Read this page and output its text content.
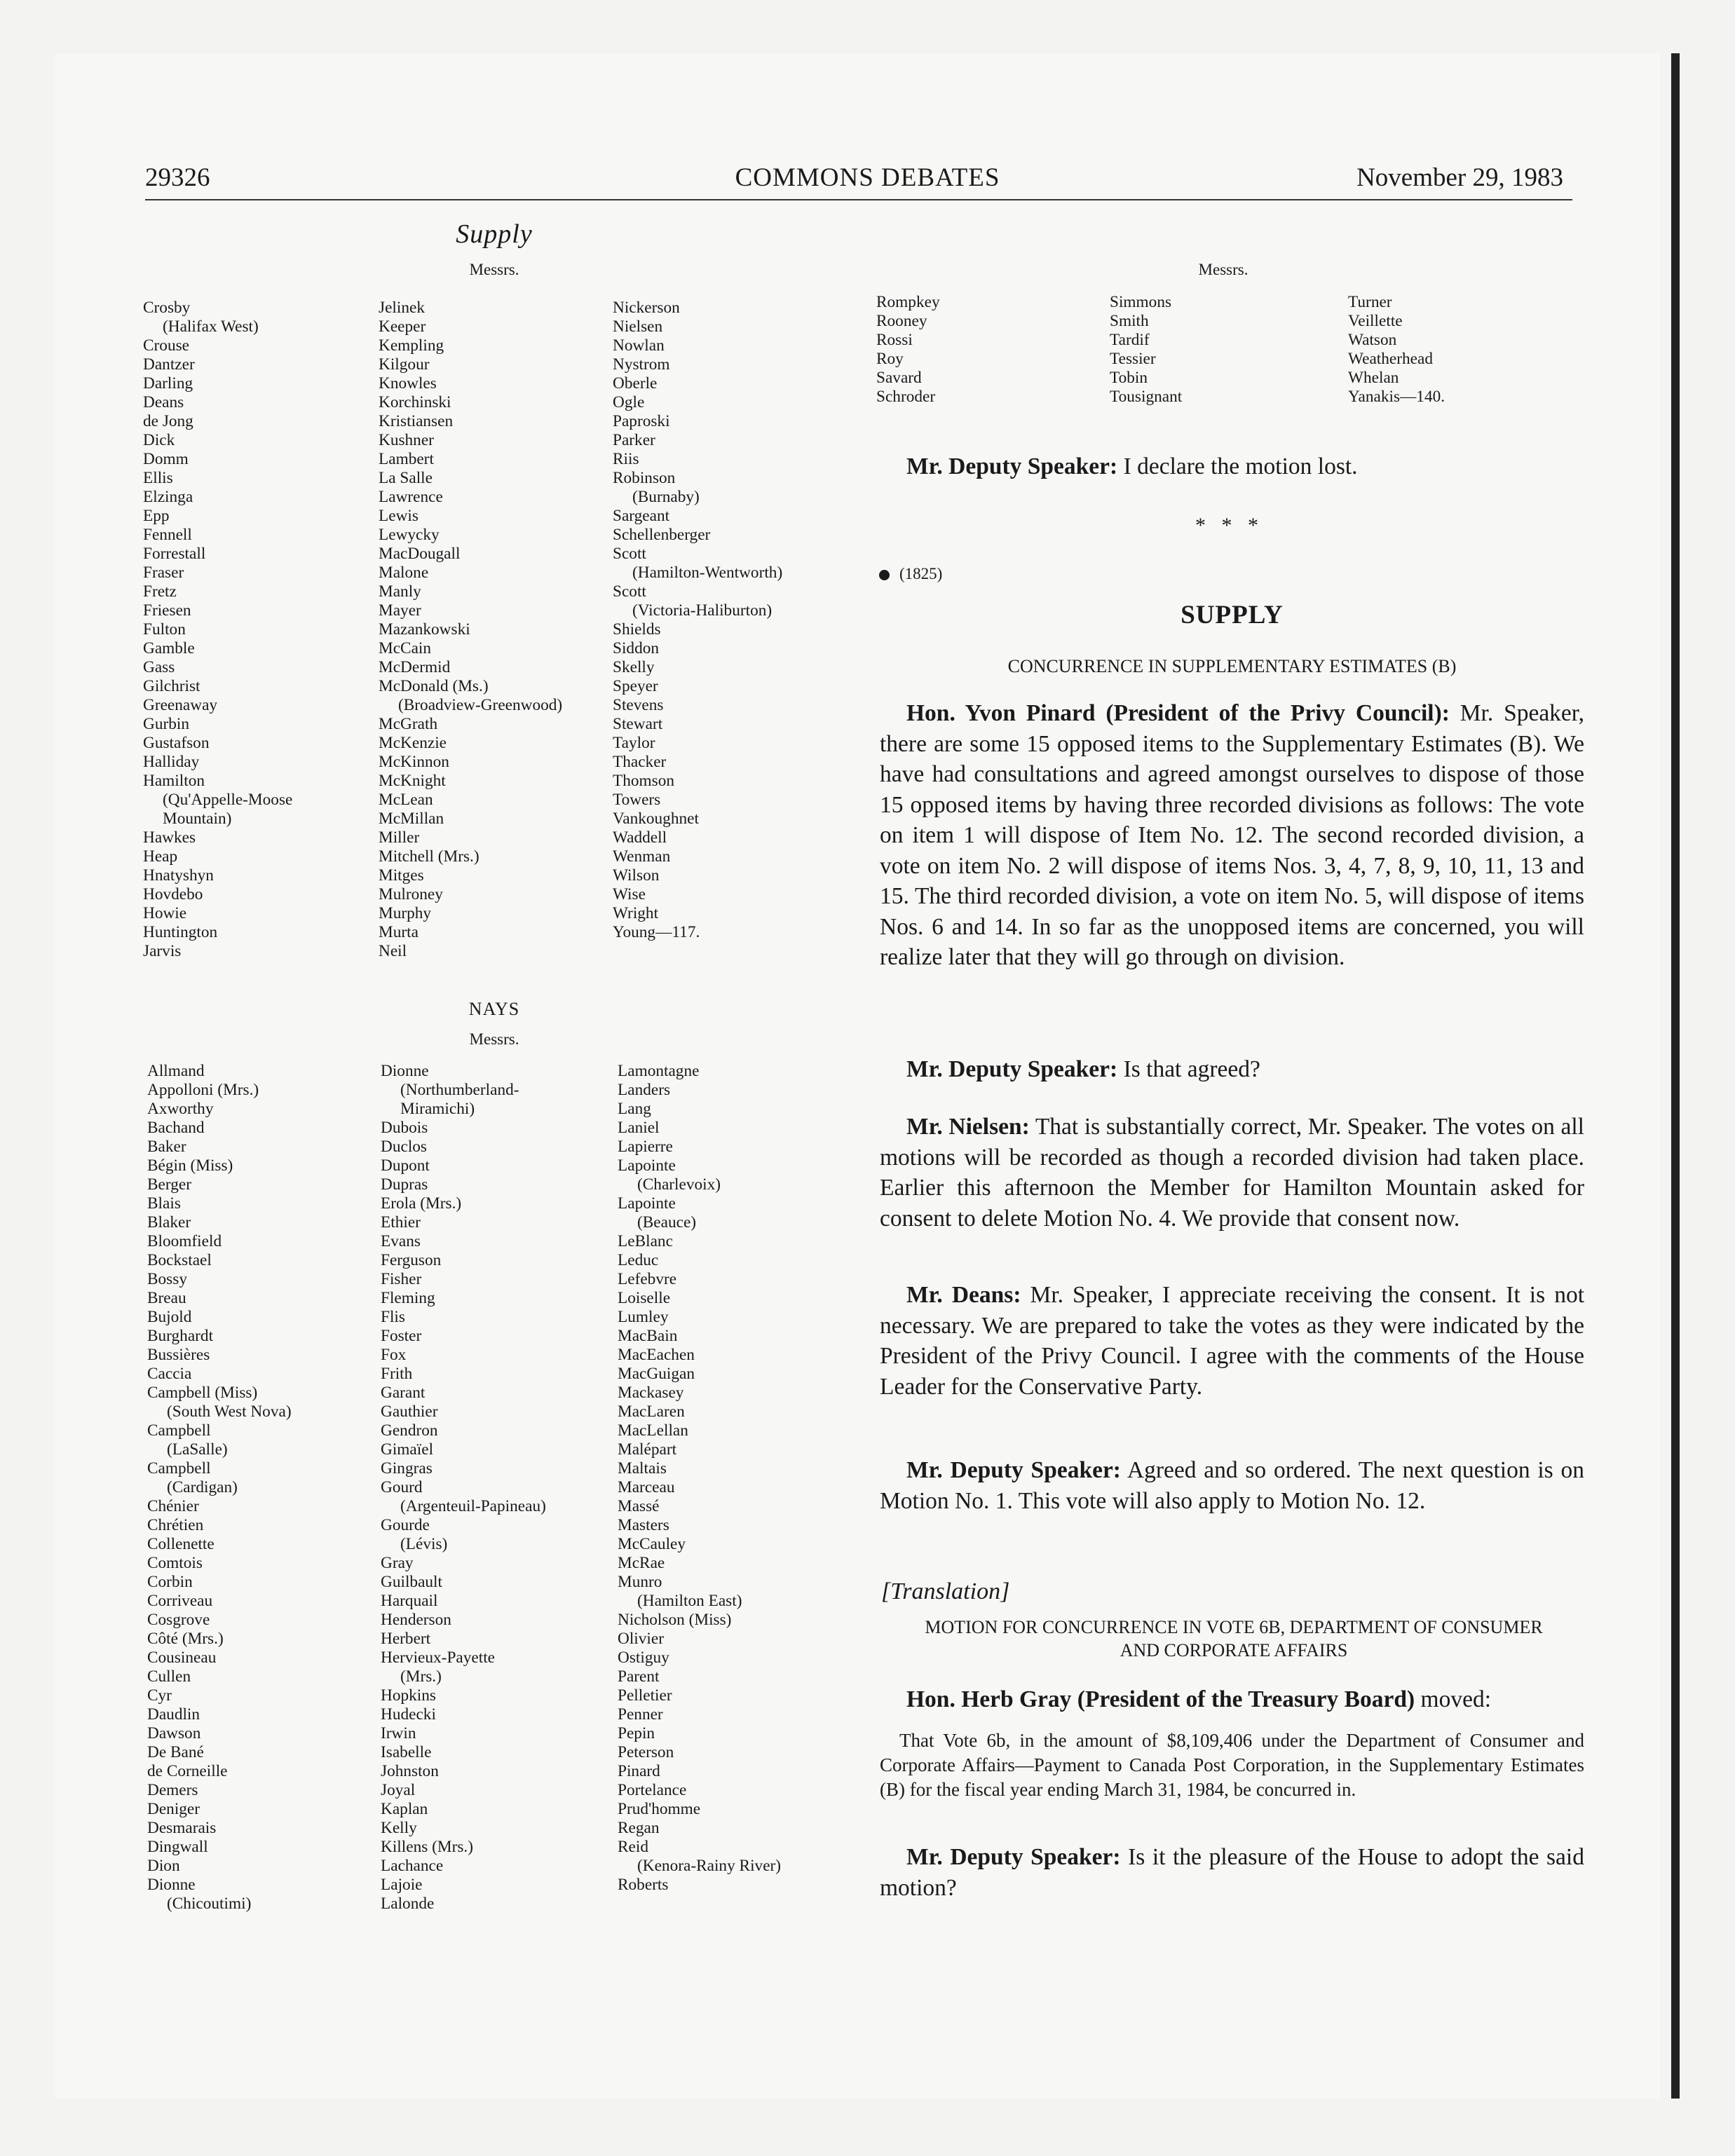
29326	COMMONS DEBATES	November 29, 1983
Supply
Messrs.
Crosby
(Halifax West)
Crouse
Dantzer
Darling
Deans
de Jong
Dick
Domm
Ellis
Elzinga
Epp
Fennell
Forrestall
Fraser
Fretz
Friesen
Fulton
Gamble
Gass
Gilchrist
Greenaway
Gurbin
Gustafson
Halliday
Hamilton
(Qu'Appelle-Moose
Mountain)
Hawkes
Heap
Hnatyshyn
Hovdebo
Howie
Huntington
Jarvis
Jelinek
Keeper
Kempling
Kilgour
Knowles
Korchinski
Kristiansen
Kushner
Lambert
La Salle
Lawrence
Lewis
Lewycky
MacDougall
Malone
Manly
Mayer
Mazankowski
McCain
McDermid
McDonald (Ms.)
(Broadview-Greenwood)
McGrath
McKenzie
McKinnon
McKnight
McLean
McMillan
Miller
Mitchell (Mrs.)
Mitges
Mulroney
Murphy
Murta
Neil
Nickerson
Nielsen
Nowlan
Nystrom
Oberle
Ogle
Paproski
Parker
Riis
Robinson
(Burnaby)
Sargeant
Schellenberger
Scott
(Hamilton-Wentworth)
Scott
(Victoria-Haliburton)
Shields
Siddon
Skelly
Speyer
Stevens
Stewart
Taylor
Thacker
Thomson
Towers
Vankoughnet
Waddell
Wenman
Wilson
Wise
Wright
Young—117.
NAYS
Messrs.
Allmand
Appolloni (Mrs.)
Axworthy
Bachand
Baker
Bégin (Miss)
Berger
Blais
Blaker
Bloomfield
Bockstael
Bossy
Breau
Bujold
Burghardt
Bussières
Caccia
Campbell (Miss)
(South West Nova)
Campbell
(LaSalle)
Campbell
(Cardigan)
Chénier
Chrétien
Collenette
Comtois
Corbin
Corriveau
Cosgrove
Côté (Mrs.)
Cousineau
Cullen
Cyr
Daudlin
Dawson
De Bané
de Corneille
Demers
Deniger
Desmarais
Dingwall
Dion
Dionne
(Chicoutimi)
Dionne
(Northumberland-
Miramichi)
Dubois
Duclos
Dupont
Dupras
Erola (Mrs.)
Ethier
Evans
Ferguson
Fisher
Fleming
Flis
Foster
Fox
Frith
Garant
Gauthier
Gendron
Gimaïel
Gingras
Gourd
(Argenteuil-Papineau)
Gourde
(Lévis)
Gray
Guilbault
Harquail
Henderson
Herbert
Hervieux-Payette
(Mrs.)
Hopkins
Hudecki
Irwin
Isabelle
Johnston
Joyal
Kaplan
Kelly
Killens (Mrs.)
Lachance
Lajoie
Lalonde
Lamontagne
Landers
Lang
Laniel
Lapierre
Lapointe
(Charlevoix)
Lapointe
(Beauce)
LeBlanc
Leduc
Lefebvre
Loiselle
Lumley
MacBain
MacEachen
MacGuigan
Mackasey
MacLaren
MacLellan
Malépart
Maltais
Marceau
Massé
Masters
McCauley
McRae
Munro
(Hamilton East)
Nicholson (Miss)
Olivier
Ostiguy
Parent
Pelletier
Penner
Pepin
Peterson
Pinard
Portelance
Prud'homme
Regan
Reid
(Kenora-Rainy River)
Roberts
Messrs.
Rompkey
Rooney
Rossi
Roy
Savard
Schroder
Simmons
Smith
Tardif
Tessier
Tobin
Tousignant
Turner
Veillette
Watson
Weatherhead
Whelan
Yanakis—140.

Mr. Deputy Speaker: I declare the motion lost.

*   *   *
(1825)
SUPPLY
CONCURRENCE IN SUPPLEMENTARY ESTIMATES (B)

Hon. Yvon Pinard (President of the Privy Council): Mr. Speaker, there are some 15 opposed items to the Supplementary Estimates (B). We have had consultations and agreed amongst ourselves to dispose of those 15 opposed items by having three recorded divisions as follows: The vote on item 1 will dispose of Item No. 12. The second recorded division, a vote on item No. 2 will dispose of items Nos. 3, 4, 7, 8, 9, 10, 11, 13 and 15. The third recorded division, a vote on item No. 5, will dispose of items Nos. 6 and 14. In so far as the unopposed items are concerned, you will realize later that they will go through on division.

Mr. Deputy Speaker: Is that agreed?

Mr. Nielsen: That is substantially correct, Mr. Speaker. The votes on all motions will be recorded as though a recorded division had taken place. Earlier this afternoon the Member for Hamilton Mountain asked for consent to delete Motion No. 4. We provide that consent now.

Mr. Deans: Mr. Speaker, I appreciate receiving the consent. It is not necessary. We are prepared to take the votes as they were indicated by the President of the Privy Council. I agree with the comments of the House Leader for the Conservative Party.

Mr. Deputy Speaker: Agreed and so ordered. The next question is on Motion No. 1. This vote will also apply to Motion No. 12.

[Translation]
MOTION FOR CONCURRENCE IN VOTE 6B, DEPARTMENT OF CONSUMER AND CORPORATE AFFAIRS

Hon. Herb Gray (President of the Treasury Board) moved:

That Vote 6b, in the amount of $8,109,406 under the Department of Consumer and Corporate Affairs—Payment to Canada Post Corporation, in the Supplementary Estimates (B) for the fiscal year ending March 31, 1984, be concurred in.

Mr. Deputy Speaker: Is it the pleasure of the House to adopt the said motion?
